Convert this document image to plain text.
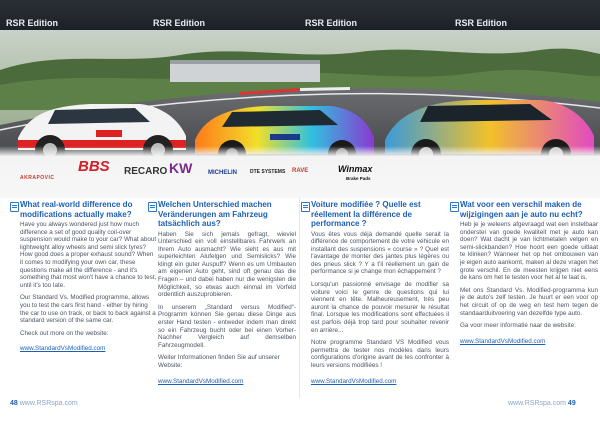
RSR Edition	RSR Edition	RSR Edition	RSR Edition
AKRAPOVIC
BBS RECARO KW	MICHELIN	DTE SYSTEMS RAVE	Winmax
Brake Pads
What real-world difference do modifications actually make?
Have you always wondered just how much difference a set of good quality coil-over suspension would make to your car? What about lightweight alloy wheels and semi slick tyres? How good does a proper exhaust sound? When it comes to modifying your own car, these questions make all the difference - and it's something that most won't have a chance to test, until it's too late.
Our Standard Vs. Modified programme, allows you to test the cars first hand - either by hiring the car to use on track, or back to back against a standard version of the same car.
Check out more on the website:
www.StandardVsModified.com
Welchen Unterschied machen Veränderungen am Fahrzeug tatsächlich aus?
Haben Sie sich jemals gefragt, wieviel Unterschied ein voll einstellbares Fahrwerk an Ihrem Auto ausmacht? Wie sieht es aus mit superleichten Alufelgen und Semislicks? Wie klingt ein guter Auspuff? Wenn es um Umbauten am eigenen Auto geht, sind oft genau das die Fragen – und dabei haben nur die wenigsten die Möglichkeit, so etwas auch einmal im Vorfeld ordentlich auszuprobieren.
In unserem „Standard versus Modified“-Programm können Sie genau diese Dinge aus erster Hand testen - entweder indem man direkt so ein Fahrzeug bucht oder bei einen Vorher-Nachher Vergleich auf demselben Fahrzeugmodell.
Weiter Informationen finden Sie auf unserer Website:
www.StandardVsModified.com
Voiture modifiée ? Quelle est réellement la différence de performance ?
Vous êtes vous déjà demandé quelle serait la différence de comportement de votre véhicule en installant des suspensions « course » ? Quel est l'avantage de monter des jantes plus légères ou des pneus slick ? Y a t'il réellement un gain de performance si je change mon échappement ?
Lorsqu'un passionné envisage de modifier sa voiture voici le genre de questions qui lui viennent en tête. Malheureusement, très peu auront la chance de pouvoir mesurer le résultat final. Lorsque les modifications sont effectuées il est parfois déjà trop tard pour souhaiter revenir en arrière...
Notre programme Standard VS Modified vous permettra de tester nos modèles dans leurs configurations d'origine avant de les confronter à leurs versions modifiées !
www.StandardVsModified.com
Wat voor een verschil maken de wijzigingen aan je auto nu echt?
Heb je je weleens afgevraagd wat een instelbaar onderstel van goede kwaliteit met je auto kan doen? Wat dacht je van lichtmetalen velgen en semi-slickbanden? Hoe hoort een goede uitlaat te klinken? Wanneer het op het ombouwen van je eigen auto aankomt, maken al deze vragen het grote verschil. En de meesten krijgen niet eens de kans om het te testen voor het al te laat is.
Met ons Standard Vs. Modified-programma kun je de auto's zelf testen. Je huurt er een voor op het circuit of op de weg en test hem tegen de standaarduitvoering van dezelfde type auto.
Ga voor meer informatie naar de website:
www.StandardVsModified.com
48 www.RSRspa.com	www.RSRspa.com 49
